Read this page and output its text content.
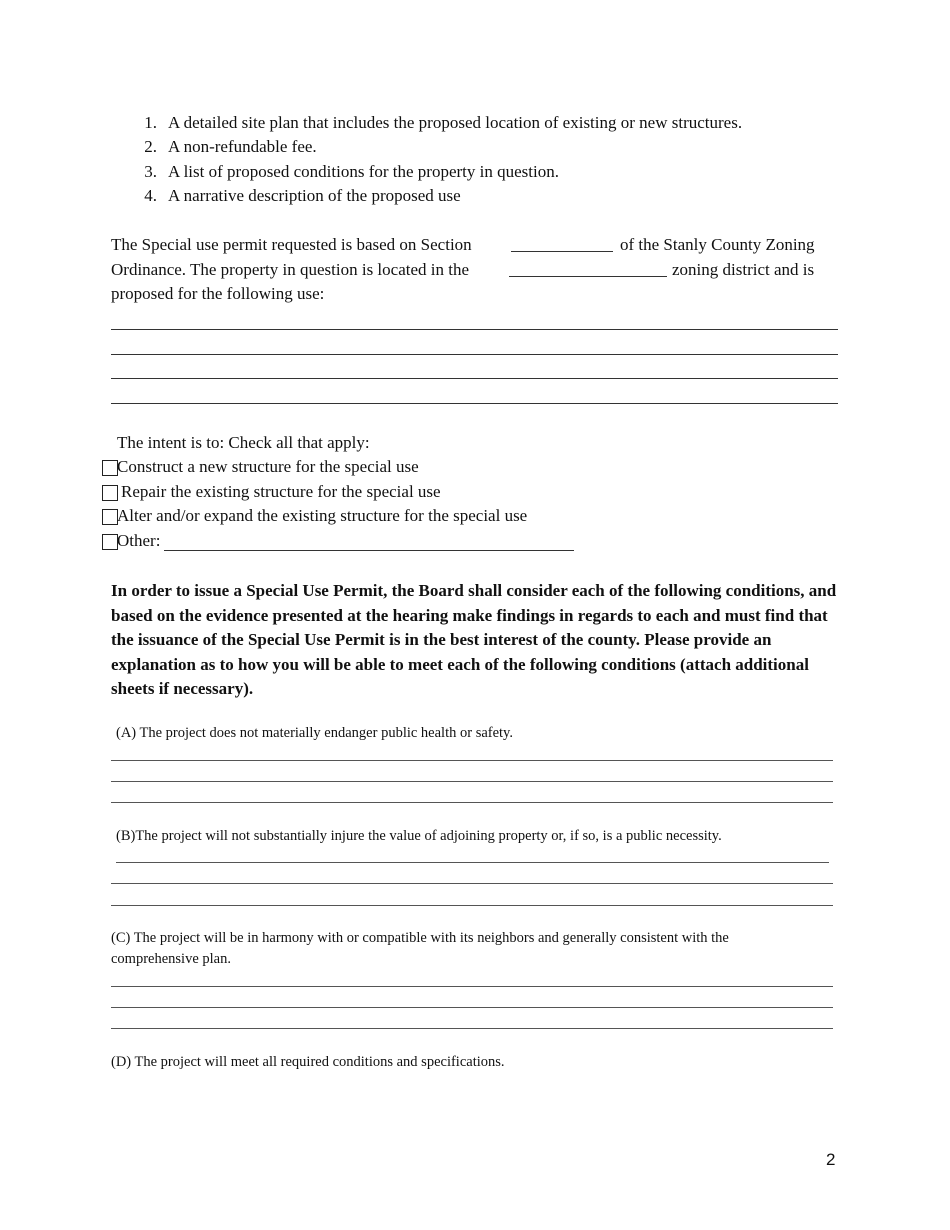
1. A detailed site plan that includes the proposed location of existing or new structures.
2. A non-refundable fee.
3. A list of proposed conditions for the property in question.
4. A narrative description of the proposed use
The Special use permit requested is based on Section	of the Stanly County Zoning
Ordinance. The property in question is located in the	zoning district and is
proposed for the following use:
The intent is to: Check all that apply:
Construct a new structure for the special use
Repair the existing structure for the special use
Alter and/or expand the existing structure for the special use
Other:
In order to issue a Special Use Permit, the Board shall consider each of the following conditions, and based on the evidence presented at the hearing make findings in regards to each and must find that the issuance of the Special Use Permit is in the best interest of the county. Please provide an explanation as to how you will be able to meet each of the following conditions (attach additional sheets if necessary).
(A) The project does not materially endanger public health or safety.
(B)The project will not substantially injure the value of adjoining property or, if so, is a public necessity.
(C) The project will be in harmony with or compatible with its neighbors and generally consistent with the comprehensive plan.
(D) The project will meet all required conditions and specifications.
2
